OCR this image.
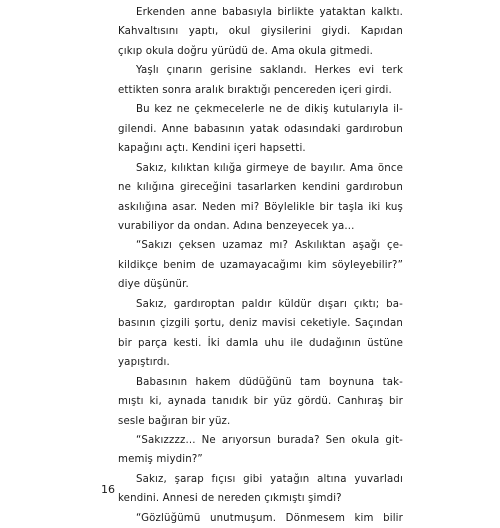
Erkenden anne babasıyla birlikte yataktan kalktı.
Kahvaltısını yaptı, okul giysilerini giydi. Kapıdan
çıkıp okula doğru yürüdü de. Ama okula gitmedi.

Yaşlı çınarın gerisine saklandı. Herkes evi terk
ettikten sonra aralık bıraktığı pencereden içeri girdi.

Bu kez ne çekmecelerle ne de dikiş kutularıyla il-
gilendi. Anne babasının yatak odasındaki gardırobun
kapağını açtı. Kendini içeri hapsetti.

Sakız, kılıktan kılığa girmeye de bayılır. Ama önce
ne kılığına gireceğini tasarlarken kendini gardırobun
askılığına asar. Neden mi? Böylelikle bir taşla iki kuş
vurabiliyor da ondan. Adına benzeyecek ya...

“Sakızı çeksen uzamaz mı? Askılıktan aşağı çe-
kildikçe benim de uzamayacağımı kim söyleyebilir?”
diye düşünür.

Sakız, gardıroptan paldır küldür dışarı çıktı; ba-
basının çizgili şortu, deniz mavisi ceketiyle. Saçından
bir parça kesti. İki damla uhu ile dudağının üstüne
yapıştırdı.

Babasının hakem düdüğünü tam boynuna tak-
mıştı ki, aynada tanıdık bir yüz gördü. Canhıraş bir
sesle bağıran bir yüz.

“Sakızzzz... Ne arıyorsun burada? Sen okula git-
memiş miydin?”

Sakız, şarap fıçısı gibi yatağın altına yuvarladı
kendini. Annesi de nereden çıkmıştı şimdi?

“Gözlüğümü unutmuşum. Dönmesem kim bilir

16
